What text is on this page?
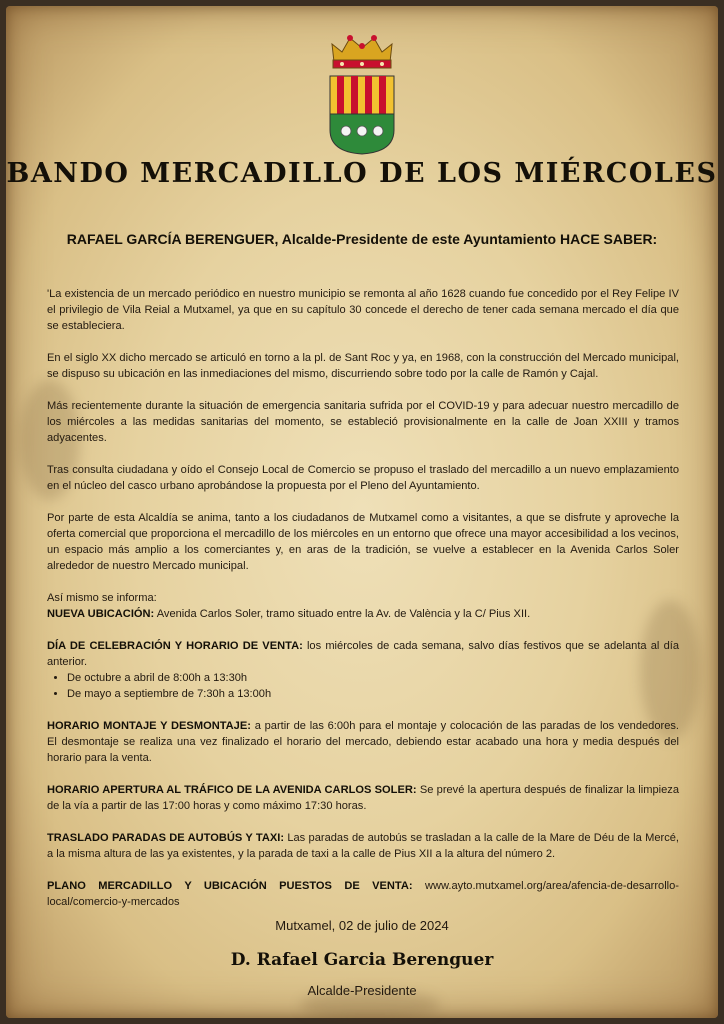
BANDO MERCADILLO DE LOS MIÉRCOLES

RAFAEL GARCÍA BERENGUER, Alcalde-Presidente de este Ayuntamiento HACE SABER:

'La existencia de un mercado periódico en nuestro municipio se remonta al año 1628 cuando fue concedido por el Rey Felipe IV el privilegio de Vila Reial a Mutxamel, ya que en su capítulo 30 concede el derecho de tener cada semana mercado el día que se estableciera.

En el siglo XX dicho mercado se articuló en torno a la pl. de Sant Roc y ya, en 1968, con la construcción del Mercado municipal, se dispuso su ubicación en las inmediaciones del mismo, discurriendo sobre todo por la calle de Ramón y Cajal.

Más recientemente durante la situación de emergencia sanitaria sufrida por el COVID-19 y para adecuar nuestro mercadillo de los miércoles a las medidas sanitarias del momento, se estableció provisionalmente en la calle de Joan XXIII y tramos adyacentes.

Tras consulta ciudadana y oído el Consejo Local de Comercio se propuso el traslado del mercadillo a un nuevo emplazamiento en el núcleo del casco urbano aprobándose la propuesta por el Pleno del Ayuntamiento.

Por parte de esta Alcaldía se anima, tanto a los ciudadanos de Mutxamel como a visitantes, a que se disfrute y aproveche la oferta comercial que proporciona el mercadillo de los miércoles en un entorno que ofrece una mayor accesibilidad a los vecinos, un espacio más amplio a los comerciantes y, en aras de la tradición, se vuelve a establecer en la Avenida Carlos Soler alrededor de nuestro Mercado municipal.

Así mismo se informa:

NUEVA UBICACIÓN: Avenida Carlos Soler, tramo situado entre la Av. de València y la C/ Pius XII.

DÍA DE CELEBRACIÓN Y HORARIO DE VENTA: los miércoles de cada semana, salvo días festivos que se adelanta al día anterior.

• De octubre a abril de 8:00h a 13:30h
• De mayo a septiembre de 7:30h a 13:00h

HORARIO MONTAJE Y DESMONTAJE: a partir de las 6:00h para el montaje y colocación de las paradas de los vendedores. El desmontaje se realiza una vez finalizado el horario del mercado, debiendo estar acabado una hora y media después del horario para la venta.

HORARIO APERTURA AL TRÁFICO DE LA AVENIDA CARLOS SOLER: Se prevé la apertura después de finalizar la limpieza de la vía a partir de las 17:00 horas y como máximo 17:30 horas.

TRASLADO PARADAS DE AUTOBÚS Y TAXI: Las paradas de autobús se trasladan a la calle de la Mare de Déu de la Mercé, a la misma altura de las ya existentes, y la parada de taxi a la calle de Pius XII a la altura del número 2.

PLANO MERCADILLO Y UBICACIÓN PUESTOS DE VENTA: www.ayto.mutxamel.org/area/afencia-de-desarrollo-local/comercio-y-mercados

Mutxamel, 02 de julio de 2024
D. Rafael Garcia Berenguer
Alcalde-Presidente
